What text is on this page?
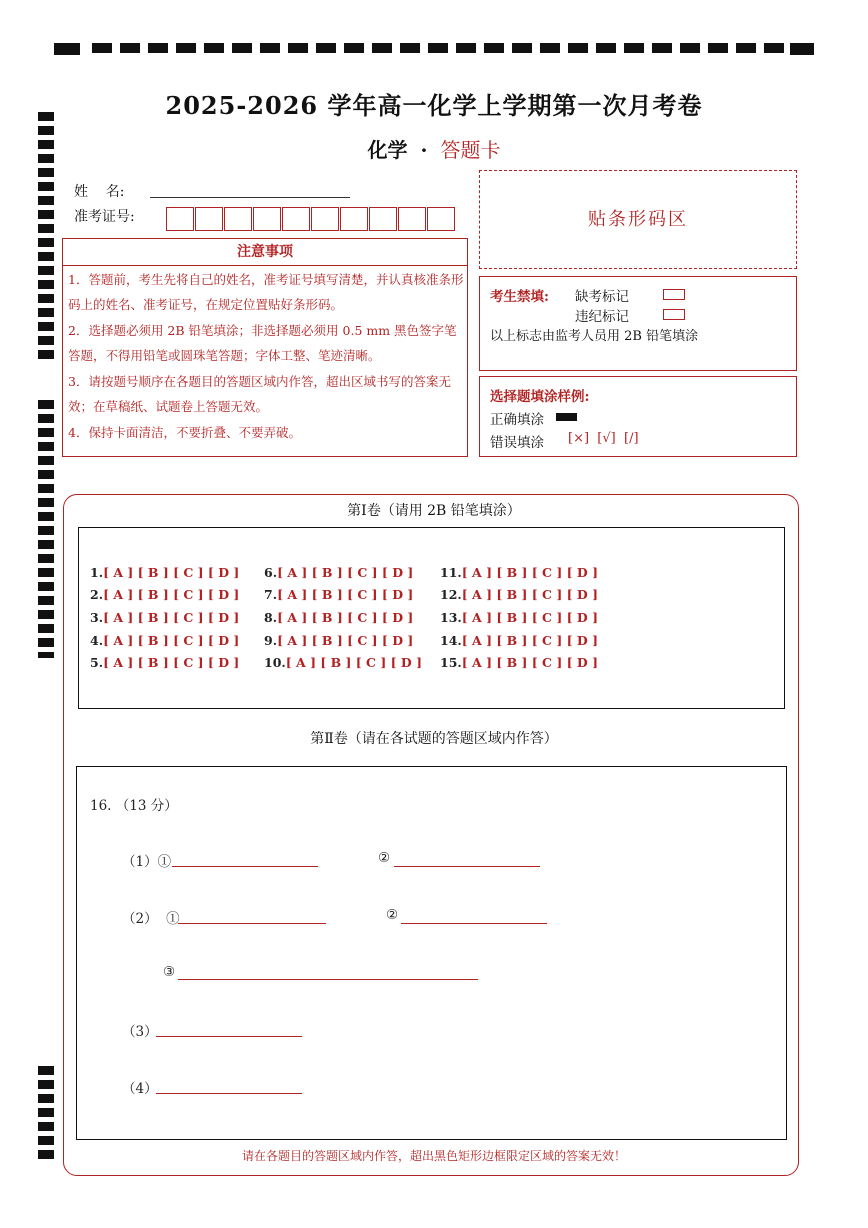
2025-2026 学年高一化学上学期第一次月考卷
化学 · 答题卡
姓    名:
准考证号:	贴条形码区
注意事项
1．答题前，考生先将自己的姓名，准考证号填写清楚，并认真核准条形码上的姓名、准考证号，在规定位置贴好条形码。
2．选择题必须用 2B 铅笔填涂；非选择题必须用 0.5 mm 黑色签字笔答题，不得用铅笔或圆珠笔答题；字体工整、笔迹清晰。
3．请按题号顺序在各题目的答题区域内作答，超出区域书写的答案无效；在草稿纸、试题卷上答题无效。
4．保持卡面清洁，不要折叠、不要弄破。
考生禁填: 缺考标记
违纪标记
以上标志由监考人员用 2B 铅笔填涂
选择题填涂样例:
正确填涂
错误填涂 [×]  [√]  [/]
第Ⅰ卷（请用 2B 铅笔填涂）
1.[ A ] [ B ] [ C ] [ D ]
2.[ A ] [ B ] [ C ] [ D ]
3.[ A ] [ B ] [ C ] [ D ]
4.[ A ] [ B ] [ C ] [ D ]
5.[ A ] [ B ] [ C ] [ D ]
6.[ A ] [ B ] [ C ] [ D ]
7.[ A ] [ B ] [ C ] [ D ]
8.[ A ] [ B ] [ C ] [ D ]
9.[ A ] [ B ] [ C ] [ D ]
10.[ A ] [ B ] [ C ] [ D ]
11.[ A ] [ B ] [ C ] [ D ]
12.[ A ] [ B ] [ C ] [ D ]
13.[ A ] [ B ] [ C ] [ D ]
14.[ A ] [ B ] [ C ] [ D ]
15.[ A ] [ B ] [ C ] [ D ]
第Ⅱ卷（请在各试题的答题区域内作答）
16. （13 分）
（1）①	②
（2）  ①	②
③
（3）
（4）
请在各题目的答题区域内作答，超出黑色矩形边框限定区域的答案无效！
